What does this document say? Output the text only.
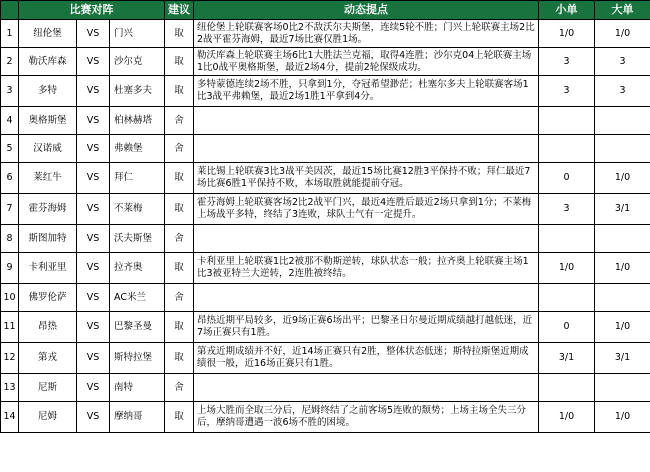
	比赛对阵			建议	动态提点	小单	大单
1	纽伦堡	VS	门兴	取	纽伦堡上轮联赛客场0比2不敌沃尔夫斯堡，连续5轮不胜；门兴上轮联赛主场2比2战平霍芬海姆，最近7场比赛仅胜1场。	1/0	1/0
2	勒沃库森	VS	沙尔克	取	勒沃库森上轮联赛主场6比1大胜法兰克福，取得4连胜；沙尔克04上轮联赛主场1比0战平奥格斯堡，最近2场4分，提前2轮保级成功。	3	3
3	多特	VS	杜塞多夫	取	多特蒙德连续2场不胜，只拿到1分，夺冠希望渺茫；杜塞尔多夫上轮联赛客场1比3战平弗赖堡，最近2场1胜1平拿到4分。	3	3
4	奥格斯堡	VS	柏林赫塔	舍			
5	汉诺威	VS	弗赖堡	舍			
6	莱红牛	VS	拜仁	取	莱比锡上轮联赛3比3战平美因茨，最近15场比赛12胜3平保持不败；拜仁最近7场比赛6胜1平保持不败，本场取胜就能提前夺冠。	0	1/0
7	霍芬海姆	VS	不莱梅	取	霍芬海姆上轮联赛客场2比2战平门兴，最近4连胜后最近2场只拿到1分；不莱梅上场战平多特，终结了3连败，球队士气有一定提升。	3	3/1
8	斯图加特	VS	沃夫斯堡	舍			
9	卡利亚里	VS	拉齐奥	取	卡利亚里上轮联赛1比2被那不勒斯逆转，球队状态一般；拉齐奥上轮联赛主场1比3被亚特兰大逆转，2连胜被终结。	1/0	1/0
10	佛罗伦萨	VS	AC米兰	舍			
11	昂热	VS	巴黎圣曼	取	昂热近期平局较多，近9场正赛6场出平；巴黎圣日尔曼近期成绩越打越低迷，近7场正赛只有1胜。	0	1/0
12	第戎	VS	斯特拉堡	取	第戎近期成绩并不好，近14场正赛只有2胜，整体状态低迷；斯特拉斯堡近期成绩很一般，近16场正赛只有1胜。	3/1	3/1
13	尼斯	VS	南特	舍			
14	尼姆	VS	摩纳哥	取	上场大胜而全取三分后，尼姆终结了之前客场5连败的颓势；上场主场全失三分后，摩纳哥遭遇一波6场不胜的困境。	1/0	1/0
